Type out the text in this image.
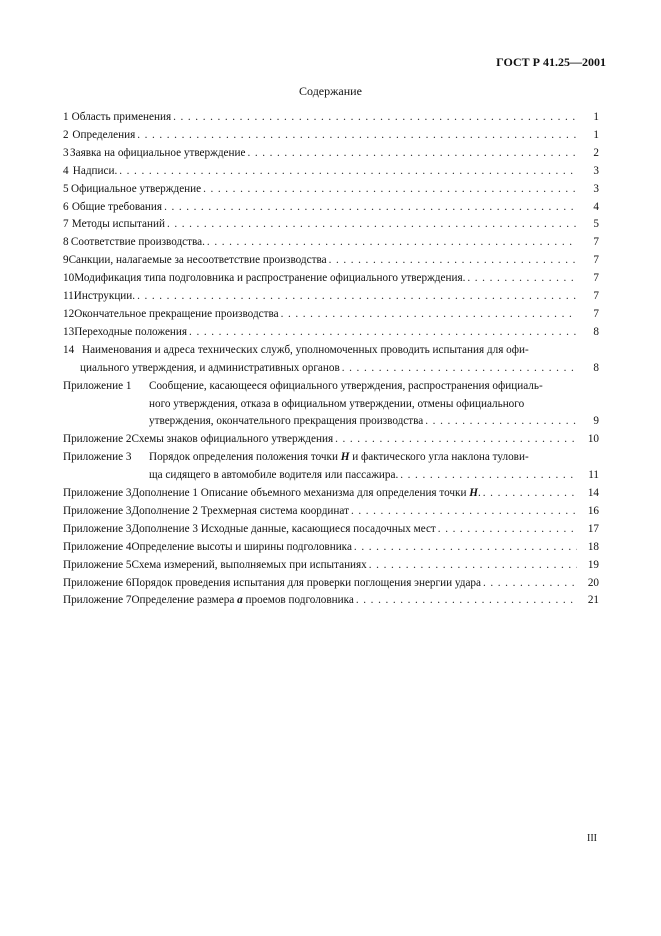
ГОСТ Р 41.25—2001
Содержание
1 Область применения . . .	1
2 Определения . . .	1
3 Заявка на официальное утверждение . . .	2
4 Надписи. . . .	3
5 Официальное утверждение . . .	3
6 Общие требования . . .	4
7 Методы испытаний . . .	5
8 Соответствие производства. . . .	7
9 Санкции, налагаемые за несоответствие производства . . .	7
10 Модификация типа подголовника и распространение официального утверждения. . . .	7
11 Инструкции. . . .	7
12 Окончательное прекращение производства . . .	7
13 Переходные положения . . .	8
14 Наименования и адреса технических служб, уполномоченных проводить испытания для офи-
циального утверждения, и административных органов . . .	8
Приложение 1	Сообщение, касающееся официального утверждения, распространения официаль-
ного утверждения, отказа в официальном утверждении, отмены официального
утверждения, окончательного прекращения производства . . .	9
Приложение 2 Схемы знаков официального утверждения . . .	10
Приложение 3	Порядок определения положения точки H и фактического угла наклона тулови-
ща сидящего в автомобиле водителя или пассажира. . . .	11
Приложение 3 Дополнение 1 Описание объемного механизма для определения точки H. . . .	14
Приложение 3 Дополнение 2 Трехмерная система координат . . .	16
Приложение 3 Дополнение 3 Исходные данные, касающиеся посадочных мест . . .	17
Приложение 4 Определение высоты и ширины подголовника . . .	18
Приложение 5 Схема измерений, выполняемых при испытаниях . . .	19
Приложение 6 Порядок проведения испытания для проверки поглощения энергии удара . . .	20
Приложение 7 Определение размера a проемов подголовника . . .	21
III
